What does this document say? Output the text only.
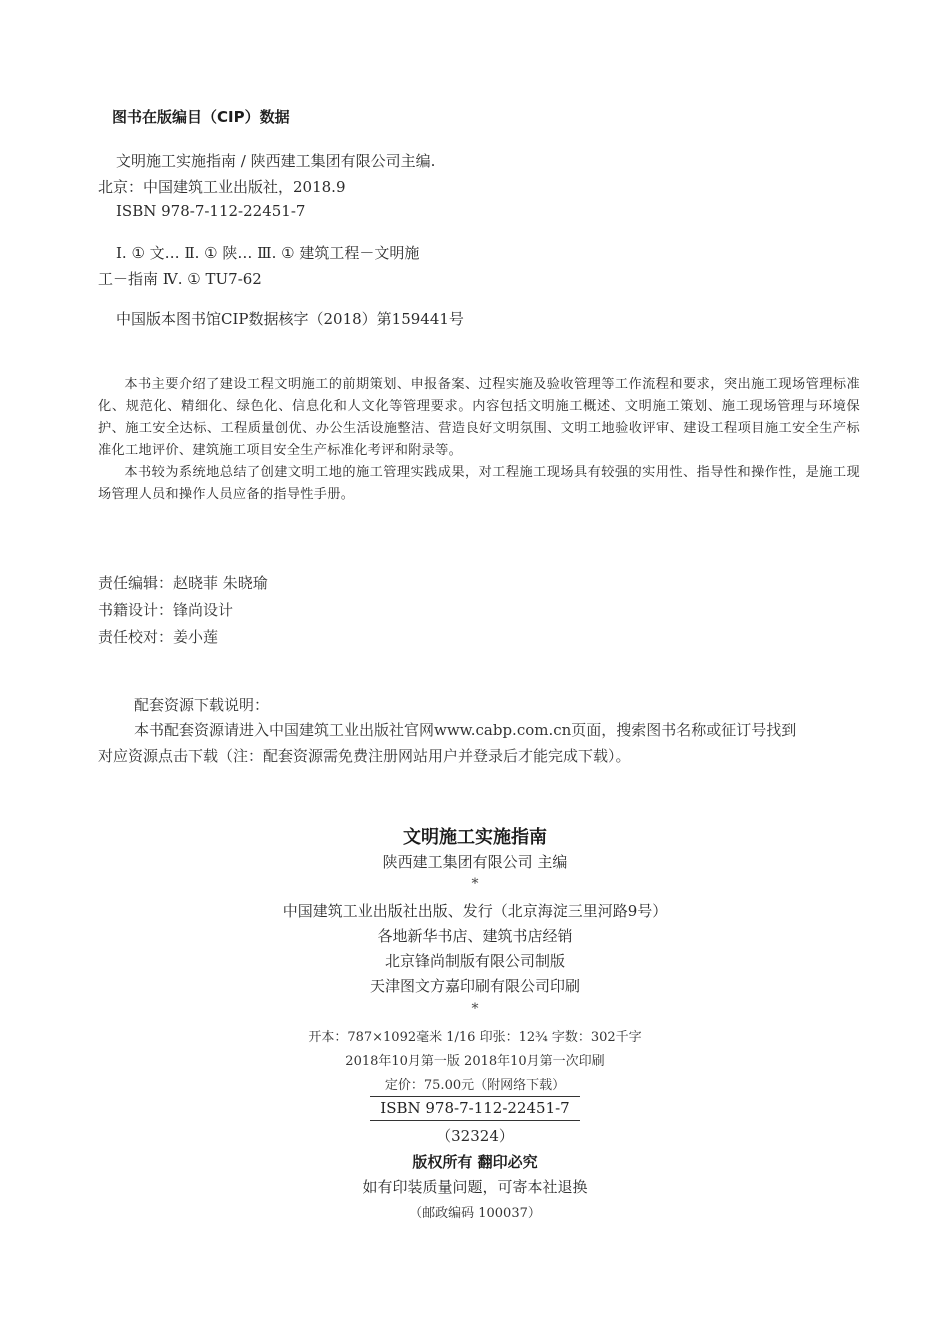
图书在版编目（CIP）数据
文明施工实施指南 / 陕西建工集团有限公司主编.
北京：中国建筑工业出版社，2018.9
ISBN 978-7-112-22451-7
Ⅰ. ① 文… Ⅱ. ① 陕… Ⅲ. ① 建筑工程－文明施
工－指南 Ⅳ. ① TU7-62
中国版本图书馆CIP数据核字（2018）第159441号

本书主要介绍了建设工程文明施工的前期策划、申报备案、过程实施及验收管理等工作流程和要求，突出施工现场管理标准化、规范化、精细化、绿色化、信息化和人文化等管理要求。内容包括文明施工概述、文明施工策划、施工现场管理与环境保护、施工安全达标、工程质量创优、办公生活设施整洁、营造良好文明氛围、文明工地验收评审、建设工程项目施工安全生产标准化工地评价、建筑施工项目安全生产标准化考评和附录等。

本书较为系统地总结了创建文明工地的施工管理实践成果，对工程施工现场具有较强的实用性、指导性和操作性，是施工现场管理人员和操作人员应备的指导性手册。

责任编辑：赵晓菲 朱晓瑜
书籍设计：锋尚设计
责任校对：姜小莲
配套资源下载说明：
本书配套资源请进入中国建筑工业出版社官网www.cabp.com.cn页面，搜索图书名称或征订号找到
对应资源点击下载（注：配套资源需免费注册网站用户并登录后才能完成下载）。
文明施工实施指南
陕西建工集团有限公司 主编
*
中国建筑工业出版社出版、发行（北京海淀三里河路9号）
各地新华书店、建筑书店经销
北京锋尚制版有限公司制版
天津图文方嘉印刷有限公司印刷
*
开本：787×1092毫米 1/16 印张：12¾ 字数：302千字
2018年10月第一版 2018年10月第一次印刷
定价：75.00元（附网络下载）
ISBN 978-7-112-22451-7
（32324）
版权所有 翻印必究
如有印装质量问题，可寄本社退换
（邮政编码 100037）
